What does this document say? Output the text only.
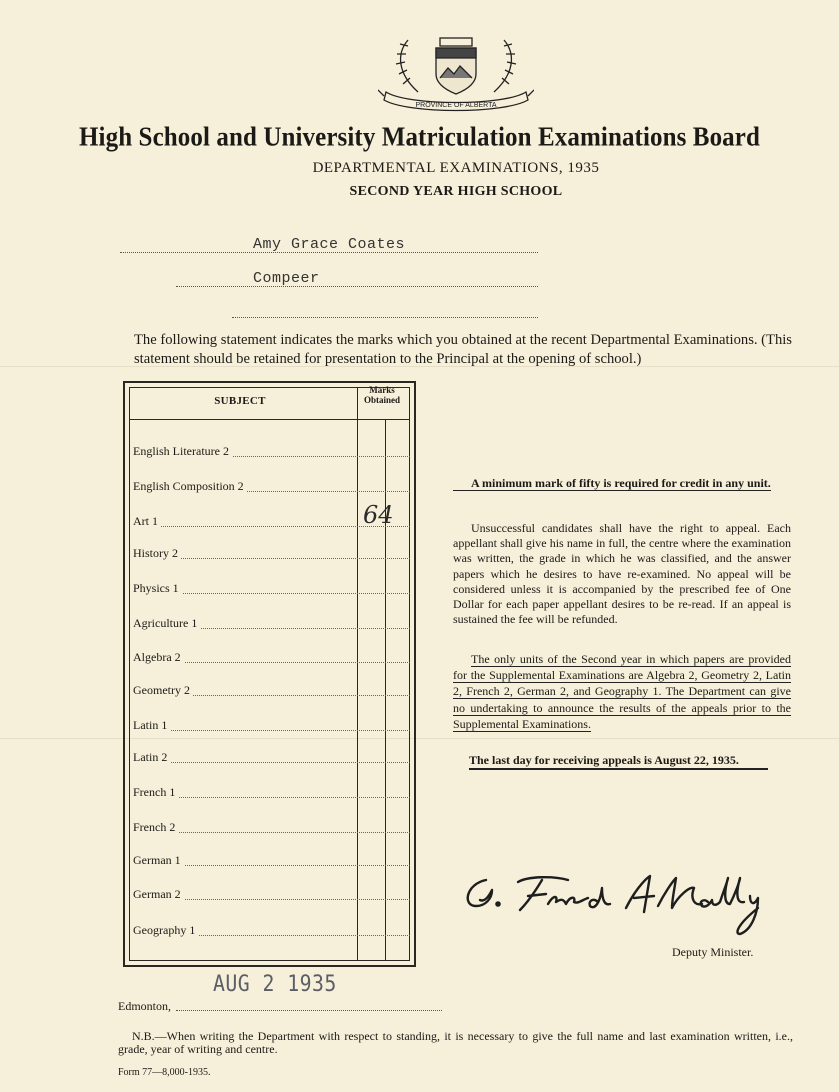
PROVINCE OF ALBERTA
High School and University Matriculation Examinations Board
DEPARTMENTAL EXAMINATIONS, 1935
SECOND YEAR HIGH SCHOOL
Amy Grace Coates
Compeer
The following statement indicates the marks which you obtained at the recent Departmental Examinations. (This statement should be retained for presentation to the Principal at the opening of school.)
SUBJECT
Marks Obtained
English Literature 2
English Composition 2
Art 1	64
History 2
Physics 1
Agriculture 1
Algebra 2
Geometry 2
Latin 1
Latin 2
French 1
French 2
German 1
German 2
Geography 1
A minimum mark of fifty is required for credit in any unit.
Unsuccessful candidates shall have the right to appeal. Each appellant shall give his name in full, the centre where the examination was written, the grade in which he was classified, and the answer papers which he desires to have re-examined. No appeal will be considered unless it is accompanied by the prescribed fee of One Dollar for each paper appellant desires to be re-read. If an appeal is sustained the fee will be refunded.
The only units of the Second year in which papers are provided for the Supplemental Examinations are Algebra 2, Geometry 2, Latin 2, French 2, German 2, and Geography 1. The Department can give no undertaking to announce the results of the appeals prior to the Supplemental Examinations.
The last day for receiving appeals is August 22, 1935.
G. Fred McNally	Deputy Minister.
AUG 2 1935
Edmonton,
N.B.—When writing the Department with respect to standing, it is necessary to give the full name and last examination written, i.e., grade, year of writing and centre.
Form 77—8,000-1935.
